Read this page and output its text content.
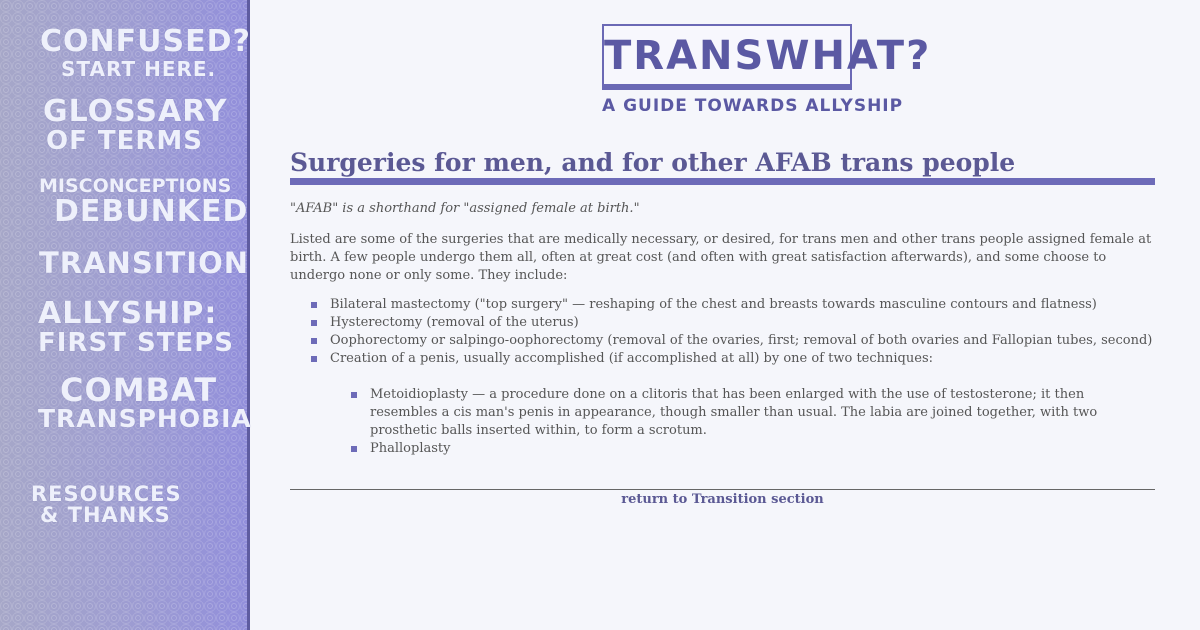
CONFUSED?
START HERE.
GLOSSARY
OF TERMS
MISCONCEPTIONS
DEBUNKED
TRANSITION
ALLYSHIP:
FIRST STEPS
COMBAT
TRANSPHOBIA
RESOURCES
& THANKS
TRANSWHAT?
A GUIDE TOWARDS ALLYSHIP
Surgeries for men, and for other AFAB trans people
"AFAB" is a shorthand for "assigned female at birth."

Listed are some of the surgeries that are medically necessary, or desired, for trans men and other trans people assigned female at birth. A few people undergo them all, often at great cost (and often with great satisfaction afterwards), and some choose to undergo none or only some. They include:

Bilateral mastectomy ("top surgery" — reshaping of the chest and breasts towards masculine contours and flatness)
Hysterectomy (removal of the uterus)
Oophorectomy or salpingo-oophorectomy (removal of the ovaries, first; removal of both ovaries and Fallopian tubes, second)
Creation of a penis, usually accomplished (if accomplished at all) by one of two techniques:
Metoidioplasty — a procedure done on a clitoris that has been enlarged with the use of testosterone; it then resembles a cis man's penis in appearance, though smaller than usual. The labia are joined together, with two prosthetic balls inserted within, to form a scrotum.
Phalloplasty
return to Transition section
